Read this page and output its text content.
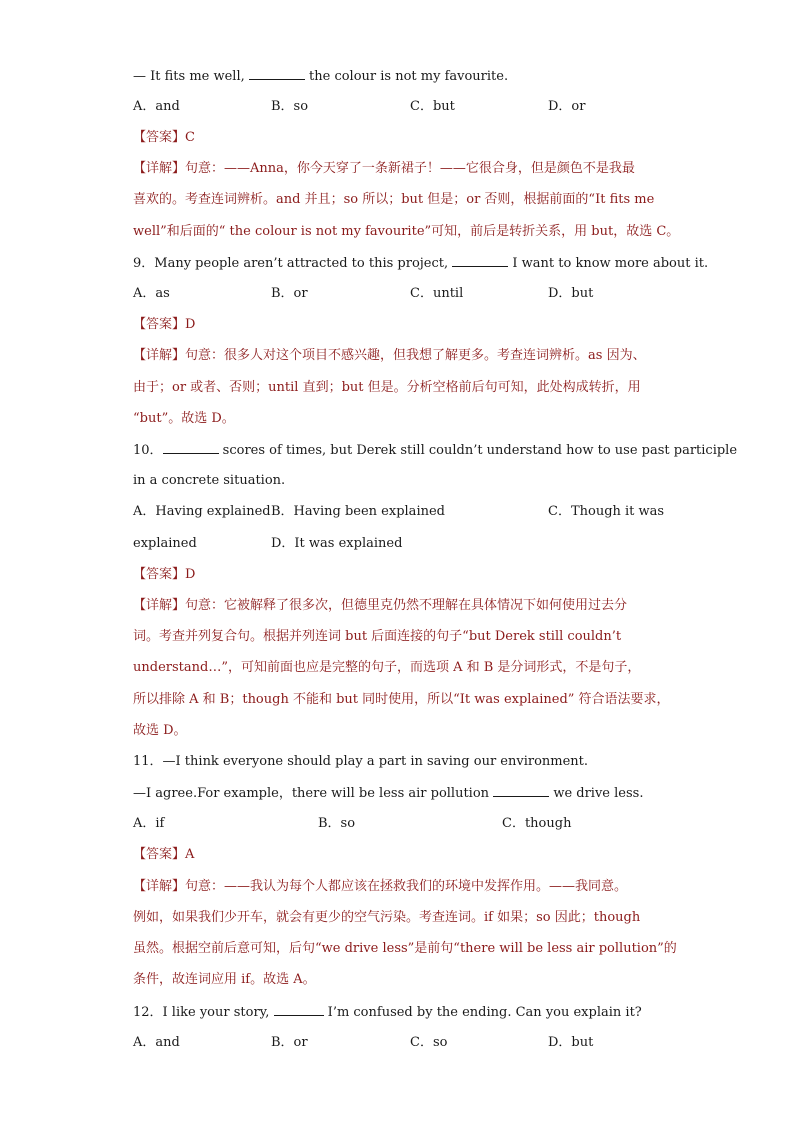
— It fits me well,	the colour is not my favourite.
A．and	B．so	C．but	D．or
【答案】C
【详解】句意：——Anna，你今天穿了一条新裙子！——它很合身，但是颜色不是我最
喜欢的。考查连词辨析。and 并且；so 所以；but 但是；or 否则，根据前面的“It fits me
well”和后面的“ the colour is not my favourite”可知，前后是转折关系，用 but，故选 C。
9．Many people aren’t attracted to this project,	I want to know more about it.
A．as	B．or	C．until	D．but
【答案】D
【详解】句意：很多人对这个项目不感兴趣，但我想了解更多。考查连词辨析。as 因为、
由于；or 或者、否则；until 直到；but 但是。分析空格前后句可知，此处构成转折，用
“but”。故选 D。
10．	scores of times, but Derek still couldn’t understand how to use past participle
in a concrete situation.
A．Having explained B．Having been explained	C．Though it was
explained	D．It was explained
【答案】D
【详解】句意：它被解释了很多次，但德里克仍然不理解在具体情况下如何使用过去分
词。考查并列复合句。根据并列连词 but 后面连接的句子“but Derek still couldn’t
understand…”，可知前面也应是完整的句子，而选项 A 和 B 是分词形式，不是句子，
所以排除 A 和 B；though 不能和 but 同时使用，所以“It was explained” 符合语法要求，
故选 D。
11．—I think everyone should play a part in saving our environment.
—I agree.For example，there will be less air pollution	we drive less.
A．if	B．so	C．though
【答案】A
【详解】句意：——我认为每个人都应该在拯救我们的环境中发挥作用。——我同意。
例如，如果我们少开车，就会有更少的空气污染。考查连词。if 如果；so 因此；though
虽然。根据空前后意可知，后句“we drive less”是前句“there will be less air pollution”的
条件，故连词应用 if。故选 A。
12．I like your story,	I’m confused by the ending. Can you explain it?
A．and	B．or	C．so	D．but
